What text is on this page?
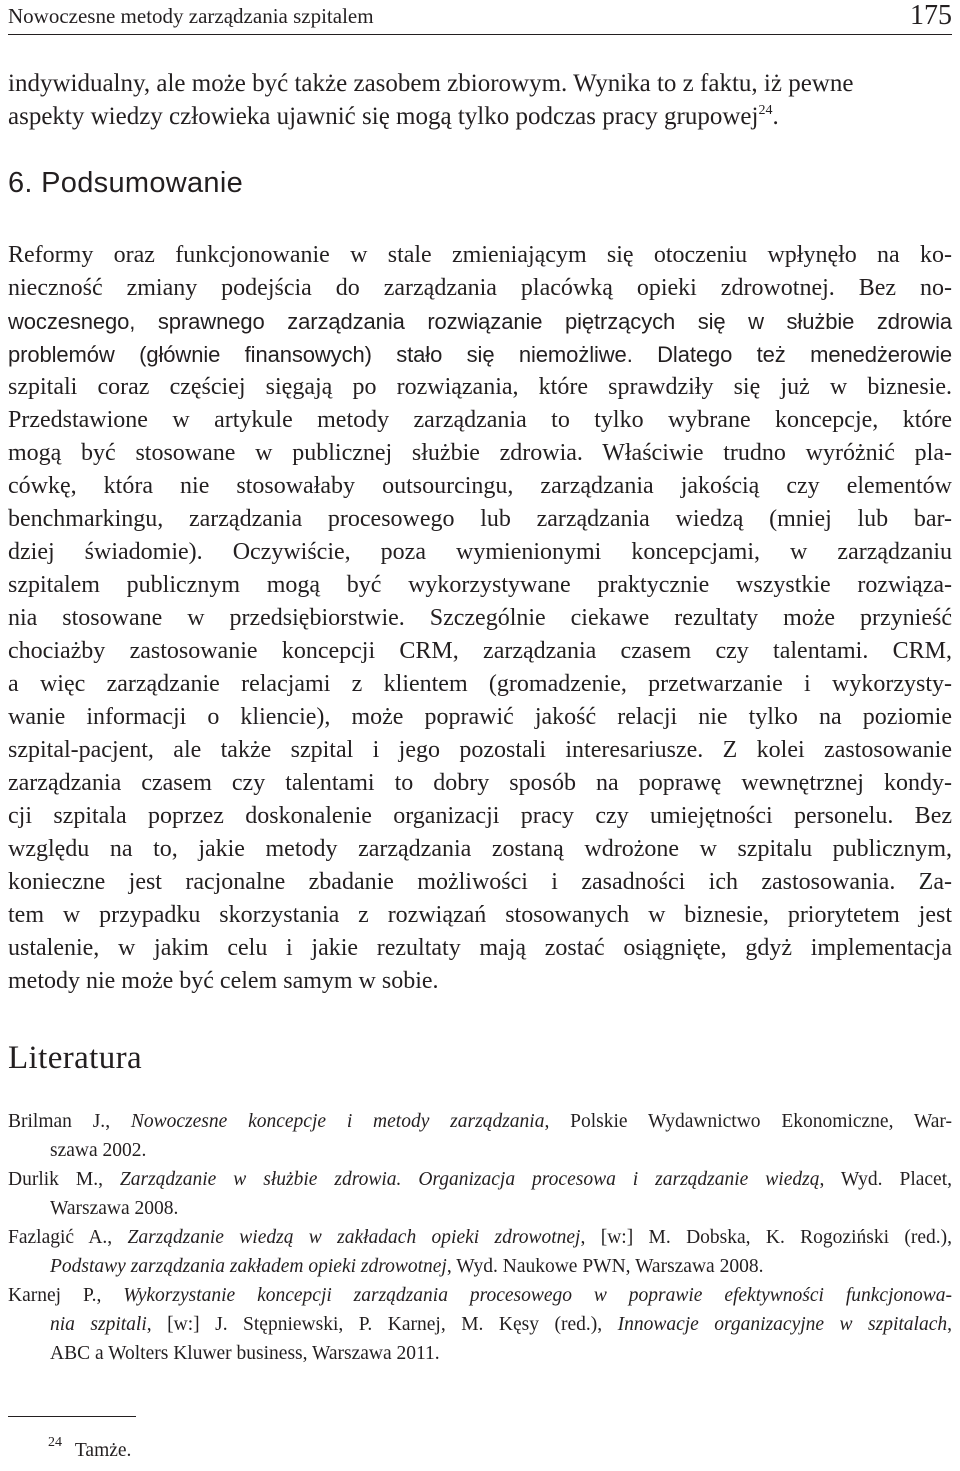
Nowoczesne metody zarządzania szpitalem	175

indywidualny, ale może być także zasobem zbiorowym. Wynika to z faktu, iż pewne
aspekty wiedzy człowieka ujawnić się mogą tylko podczas pracy grupowej$^{24}$.

6. Podsumowanie
Reformy oraz funkcjonowanie w stale zmieniającym się otoczeniu wpłynęło na ko-
nieczność zmiany podejścia do zarządzania placówką opieki zdrowotnej. Bez no-
woczesnego, sprawnego zarządzania rozwiązanie piętrzących się w służbie zdrowia
problemów (głównie finansowych) stało się niemożliwe. Dlatego też menedżerowie
szpitali coraz częściej sięgają po rozwiązania, które sprawdziły się już w biznesie.
Przedstawione w artykule metody zarządzania to tylko wybrane koncepcje, które
mogą być stosowane w publicznej służbie zdrowia. Właściwie trudno wyróżnić pla-
cówkę, która nie stosowałaby outsourcingu, zarządzania jakością czy elementów
benchmarkingu, zarządzania procesowego lub zarządzania wiedzą (mniej lub bar-
dziej świadomie). Oczywiście, poza wymienionymi koncepcjami, w zarządzaniu
szpitalem publicznym mogą być wykorzystywane praktycznie wszystkie rozwiąza-
nia stosowane w przedsiębiorstwie. Szczególnie ciekawe rezultaty może przynieść
chociażby zastosowanie koncepcji CRM, zarządzania czasem czy talentami. CRM,
a więc zarządzanie relacjami z klientem (gromadzenie, przetwarzanie i wykorzysty-
wanie informacji o kliencie), może poprawić jakość relacji nie tylko na poziomie
szpital-pacjent, ale także szpital i jego pozostali interesariusze. Z kolei zastosowanie
zarządzania czasem czy talentami to dobry sposób na poprawę wewnętrznej kondy-
cji szpitala poprzez doskonalenie organizacji pracy czy umiejętności personelu. Bez
względu na to, jakie metody zarządzania zostaną wdrożone w szpitalu publicznym,
konieczne jest racjonalne zbadanie możliwości i zasadności ich zastosowania. Za-
tem w przypadku skorzystania z rozwiązań stosowanych w biznesie, priorytetem jest
ustalenie, w jakim celu i jakie rezultaty mają zostać osiągnięte, gdyż implementacja
metody nie może być celem samym w sobie.
Literatura
Brilman J., Nowoczesne koncepcje i metody zarządzania, Polskie Wydawnictwo Ekonomiczne, War-
szawa 2002.
Durlik M., Zarządzanie w służbie zdrowia. Organizacja procesowa i zarządzanie wiedzą, Wyd. Placet,
Warszawa 2008.
Fazlagić A., Zarządzanie wiedzą w zakładach opieki zdrowotnej, [w:] M. Dobska, K. Rogoziński (red.),
Podstawy zarządzania zakładem opieki zdrowotnej, Wyd. Naukowe PWN, Warszawa 2008.
Karnej P., Wykorzystanie koncepcji zarządzania procesowego w poprawie efektywności funkcjonowa-
nia szpitali, [w:] J. Stępniewski, P. Karnej, M. Kęsy (red.), Innowacje organizacyjne w szpitalach,
ABC a Wolters Kluwer business, Warszawa 2011.
$^{24}$ Tamże.
